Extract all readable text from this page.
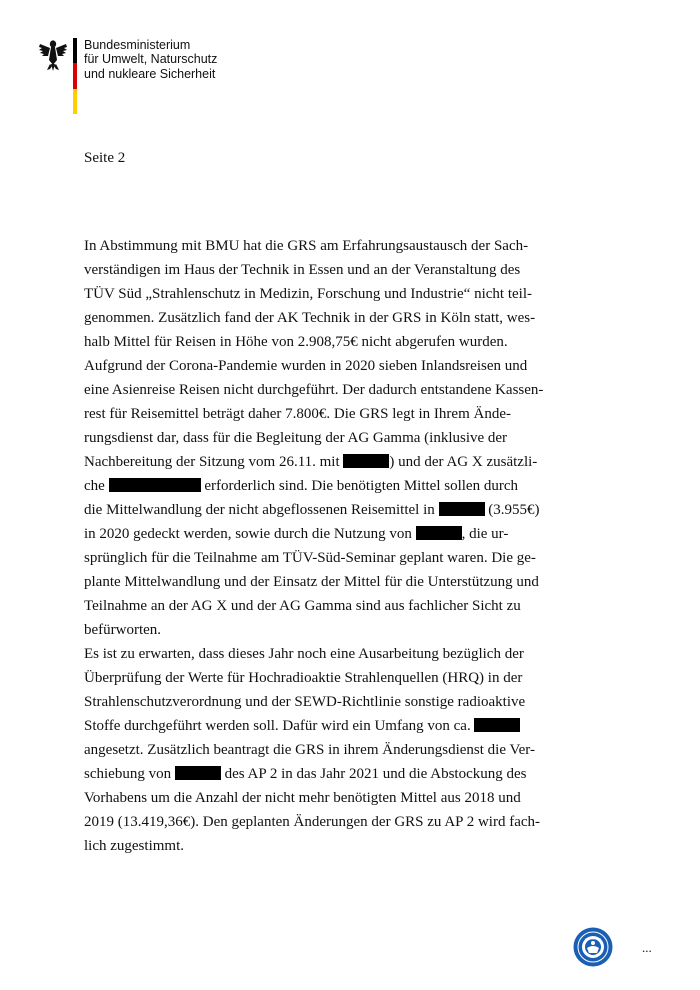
Bundesministerium
für Umwelt, Naturschutz
und nukleare Sicherheit
Seite 2
In Abstimmung mit BMU hat die GRS am Erfahrungsaustausch der Sach-
verständigen im Haus der Technik in Essen und an der Veranstaltung des
TÜV Süd „Strahlenschutz in Medizin, Forschung und Industrie“ nicht teil-
genommen. Zusätzlich fand der AK Technik in der GRS in Köln statt, wes-
halb Mittel für Reisen in Höhe von 2.908,75€ nicht abgerufen wurden.
Aufgrund der Corona-Pandemie wurden in 2020 sieben Inlandsreisen und
eine Asienreise Reisen nicht durchgeführt. Der dadurch entstandene Kassen-
rest für Reisemittel beträgt daher 7.800€. Die GRS legt in Ihrem Ände-
rungsdienst dar, dass für die Begleitung der AG Gamma (inklusive der
Nachbereitung der Sitzung vom 26.11. mit	) und der AG X zusätzli-
che	erforderlich sind. Die benötigten Mittel sollen durch
die Mittelwandlung der nicht abgeflossenen Reisemittel in	(3.955€)
in 2020 gedeckt werden, sowie durch die Nutzung von	, die ur-
sprünglich für die Teilnahme am TÜV-Süd-Seminar geplant waren. Die ge-
plante Mittelwandlung und der Einsatz der Mittel für die Unterstützung und
Teilnahme an der AG X und der AG Gamma sind aus fachlicher Sicht zu
befürworten.
Es ist zu erwarten, dass dieses Jahr noch eine Ausarbeitung bezüglich der
Überprüfung der Werte für Hochradioaktie Strahlenquellen (HRQ) in der
Strahlenschutzverordnung und der SEWD-Richtlinie sonstige radioaktive
Stoffe durchgeführt werden soll. Dafür wird ein Umfang von ca.
angesetzt. Zusätzlich beantragt die GRS in ihrem Änderungsdienst die Ver-
schiebung von	des AP 2 in das Jahr 2021 und die Abstockung des
Vorhabens um die Anzahl der nicht mehr benötigten Mittel aus 2018 und
2019 (13.419,36€). Den geplanten Änderungen der GRS zu AP 2 wird fach-
lich zugestimmt.
...
